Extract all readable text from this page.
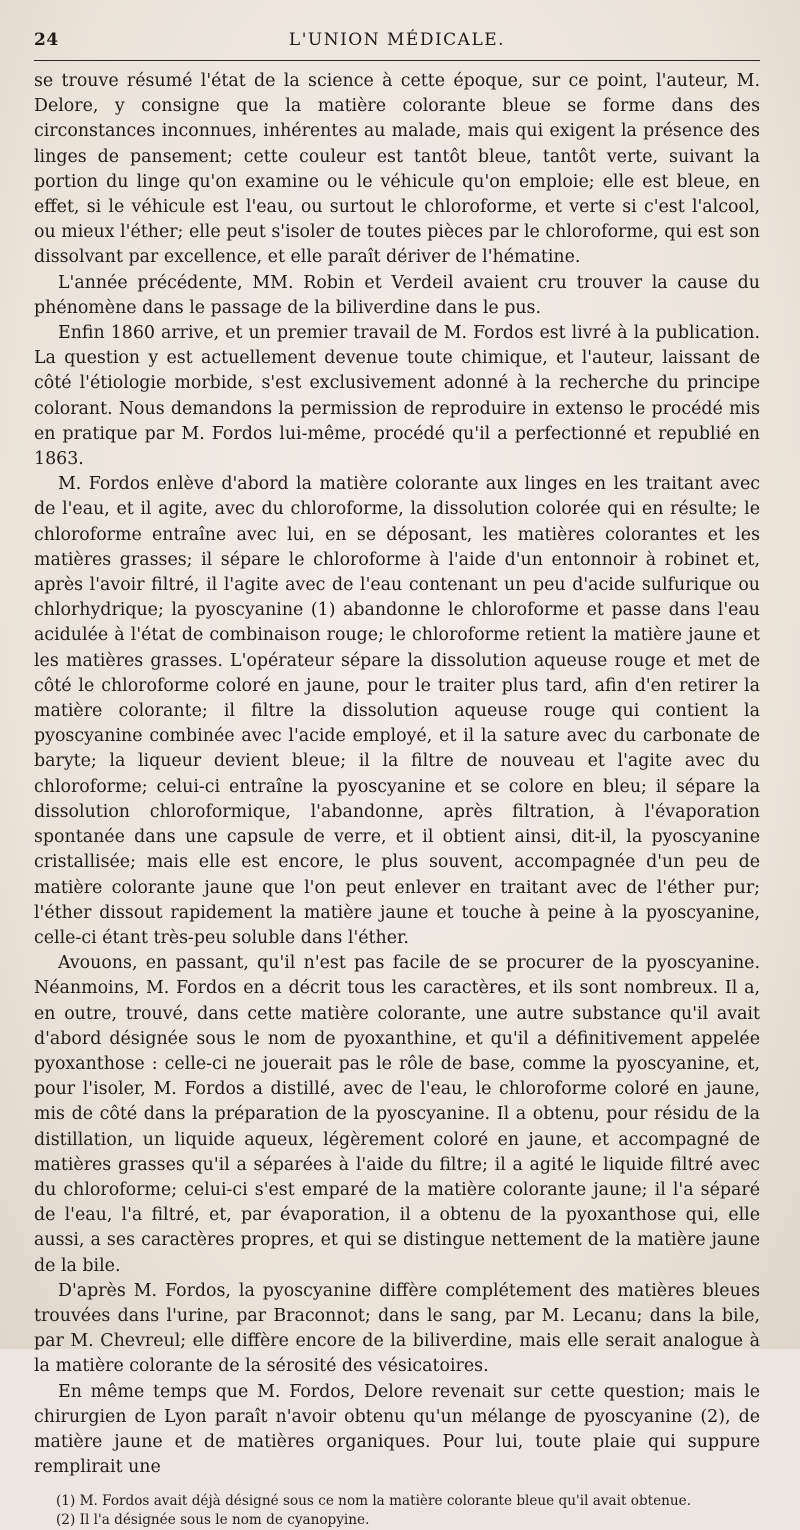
24	L'UNION MÉDICALE.

se trouve résumé l'état de la science à cette époque, sur ce point, l'auteur, M. Delore, y consigne que la matière colorante bleue se forme dans des circonstances inconnues, inhérentes au malade, mais qui exigent la présence des linges de pansement; cette couleur est tantôt bleue, tantôt verte, suivant la portion du linge qu'on examine ou le véhicule qu'on emploie; elle est bleue, en effet, si le véhicule est l'eau, ou surtout le chloroforme, et verte si c'est l'alcool, ou mieux l'éther; elle peut s'isoler de toutes pièces par le chloroforme, qui est son dissolvant par excellence, et elle paraît dériver de l'hématine.

L'année précédente, MM. Robin et Verdeil avaient cru trouver la cause du phénomène dans le passage de la biliverdine dans le pus.

Enfin 1860 arrive, et un premier travail de M. Fordos est livré à la publication. La question y est actuellement devenue toute chimique, et l'auteur, laissant de côté l'étiologie morbide, s'est exclusivement adonné à la recherche du principe colorant. Nous demandons la permission de reproduire in extenso le procédé mis en pratique par M. Fordos lui-même, procédé qu'il a perfectionné et republié en 1863.

M. Fordos enlève d'abord la matière colorante aux linges en les traitant avec de l'eau, et il agite, avec du chloroforme, la dissolution colorée qui en résulte; le chloroforme entraîne avec lui, en se déposant, les matières colorantes et les matières grasses; il sépare le chloroforme à l'aide d'un entonnoir à robinet et, après l'avoir filtré, il l'agite avec de l'eau contenant un peu d'acide sulfurique ou chlorhydrique; la pyoscyanine (1) abandonne le chloroforme et passe dans l'eau acidulée à l'état de combinaison rouge; le chloroforme retient la matière jaune et les matières grasses. L'opérateur sépare la dissolution aqueuse rouge et met de côté le chloroforme coloré en jaune, pour le traiter plus tard, afin d'en retirer la matière colorante; il filtre la dissolution aqueuse rouge qui contient la pyoscyanine combinée avec l'acide employé, et il la sature avec du carbonate de baryte; la liqueur devient bleue; il la filtre de nouveau et l'agite avec du chloroforme; celui-ci entraîne la pyoscyanine et se colore en bleu; il sépare la dissolution chloroformique, l'abandonne, après filtration, à l'évaporation spontanée dans une capsule de verre, et il obtient ainsi, dit-il, la pyoscyanine cristallisée; mais elle est encore, le plus souvent, accompagnée d'un peu de matière colorante jaune que l'on peut enlever en traitant avec de l'éther pur; l'éther dissout rapidement la matière jaune et touche à peine à la pyoscyanine, celle-ci étant très-peu soluble dans l'éther.

Avouons, en passant, qu'il n'est pas facile de se procurer de la pyoscyanine. Néanmoins, M. Fordos en a décrit tous les caractères, et ils sont nombreux. Il a, en outre, trouvé, dans cette matière colorante, une autre substance qu'il avait d'abord désignée sous le nom de pyoxanthine, et qu'il a définitivement appelée pyoxanthose : celle-ci ne jouerait pas le rôle de base, comme la pyoscyanine, et, pour l'isoler, M. Fordos a distillé, avec de l'eau, le chloroforme coloré en jaune, mis de côté dans la préparation de la pyoscyanine. Il a obtenu, pour résidu de la distillation, un liquide aqueux, légèrement coloré en jaune, et accompagné de matières grasses qu'il a séparées à l'aide du filtre; il a agité le liquide filtré avec du chloroforme; celui-ci s'est emparé de la matière colorante jaune; il l'a séparé de l'eau, l'a filtré, et, par évaporation, il a obtenu de la pyoxanthose qui, elle aussi, a ses caractères propres, et qui se distingue nettement de la matière jaune de la bile.

D'après M. Fordos, la pyoscyanine diffère complétement des matières bleues trouvées dans l'urine, par Braconnot; dans le sang, par M. Lecanu; dans la bile, par M. Chevreul; elle diffère encore de la biliverdine, mais elle serait analogue à la matière colorante de la sérosité des vésicatoires.

En même temps que M. Fordos, Delore revenait sur cette question; mais le chirurgien de Lyon paraît n'avoir obtenu qu'un mélange de pyoscyanine (2), de matière jaune et de matières organiques. Pour lui, toute plaie qui suppure remplirait une

(1) M. Fordos avait déjà désigné sous ce nom la matière colorante bleue qu'il avait obtenue.

(2) Il l'a désignée sous le nom de cyanopyine.
